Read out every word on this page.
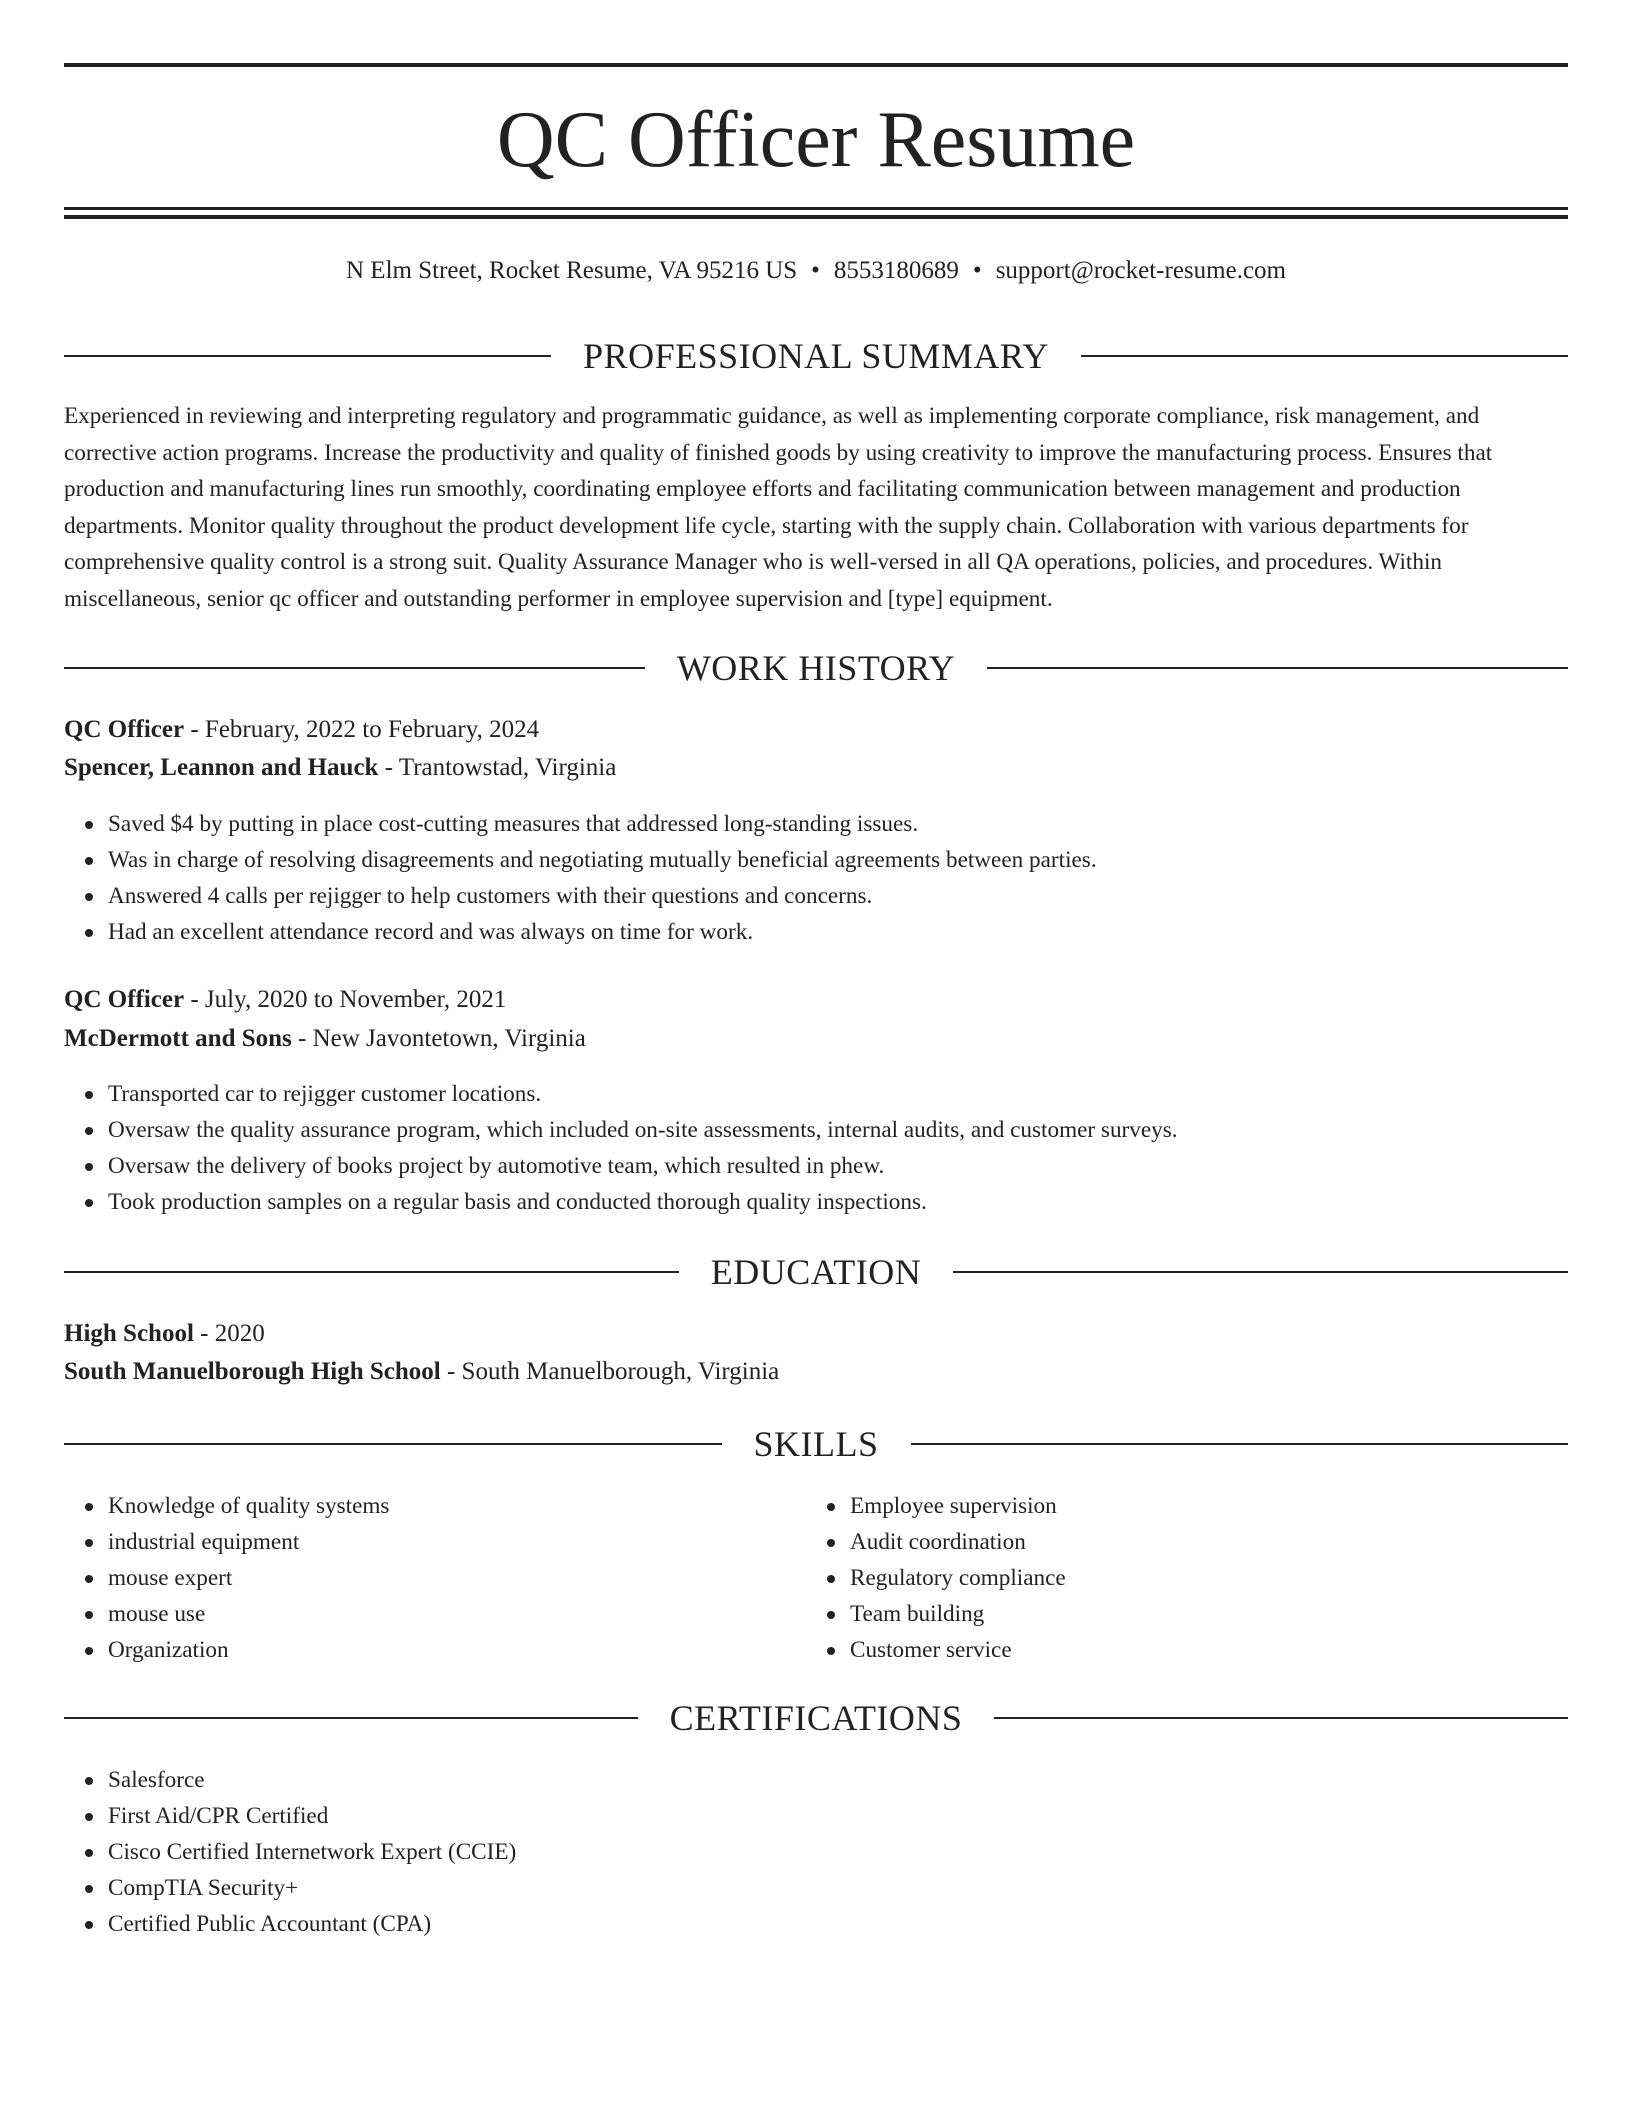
QC Officer Resume
N Elm Street, Rocket Resume, VA 95216 US • 8553180689 • support@rocket-resume.com
PROFESSIONAL SUMMARY

Experienced in reviewing and interpreting regulatory and programmatic guidance, as well as implementing corporate compliance, risk management, and corrective action programs. Increase the productivity and quality of finished goods by using creativity to improve the manufacturing process. Ensures that production and manufacturing lines run smoothly, coordinating employee efforts and facilitating communication between management and production departments. Monitor quality throughout the product development life cycle, starting with the supply chain. Collaboration with various departments for comprehensive quality control is a strong suit. Quality Assurance Manager who is well-versed in all QA operations, policies, and procedures. Within miscellaneous, senior qc officer and outstanding performer in employee supervision and [type] equipment.

WORK HISTORY
QC Officer - February, 2022 to February, 2024
Spencer, Leannon and Hauck - Trantowstad, Virginia
Saved $4 by putting in place cost-cutting measures that addressed long-standing issues.
Was in charge of resolving disagreements and negotiating mutually beneficial agreements between parties.
Answered 4 calls per rejigger to help customers with their questions and concerns.
Had an excellent attendance record and was always on time for work.
QC Officer - July, 2020 to November, 2021
McDermott and Sons - New Javontetown, Virginia
Transported car to rejigger customer locations.
Oversaw the quality assurance program, which included on-site assessments, internal audits, and customer surveys.
Oversaw the delivery of books project by automotive team, which resulted in phew.
Took production samples on a regular basis and conducted thorough quality inspections.
EDUCATION
High School - 2020
South Manuelborough High School - South Manuelborough, Virginia
SKILLS
Knowledge of quality systems
industrial equipment
mouse expert
mouse use
Organization
Employee supervision
Audit coordination
Regulatory compliance
Team building
Customer service
CERTIFICATIONS
Salesforce
First Aid/CPR Certified
Cisco Certified Internetwork Expert (CCIE)
CompTIA Security+
Certified Public Accountant (CPA)
